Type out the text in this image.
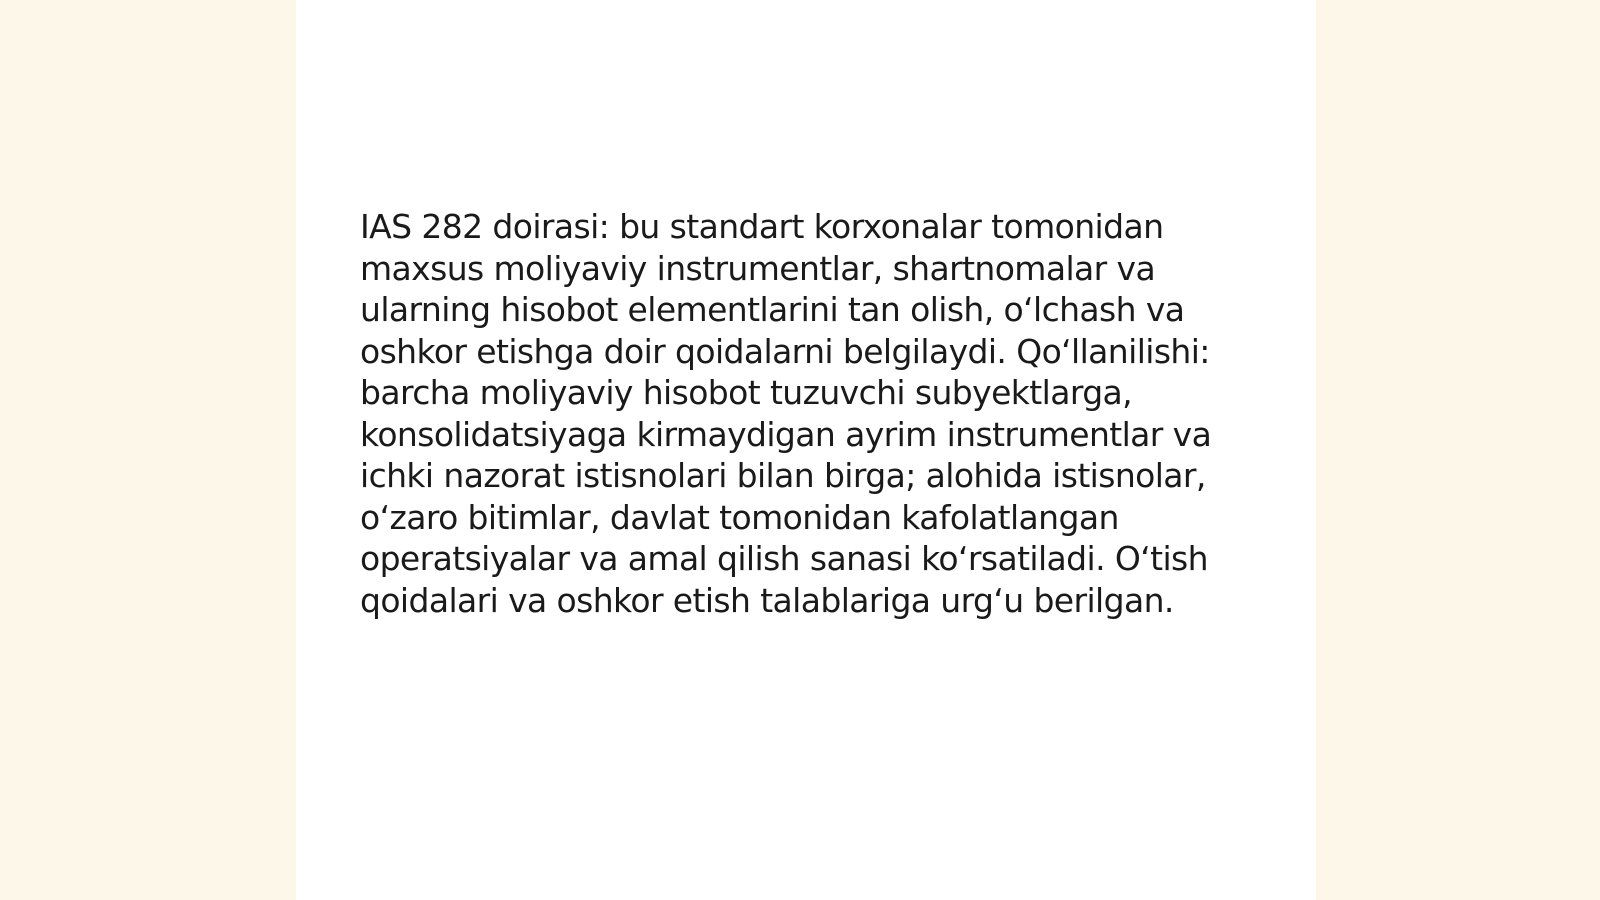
IAS 282 doirasi: bu standart korxonalar tomonidan
maxsus moliyaviy instrumentlar, shartnomalar va
ularning hisobot elementlarini tan olish, oʻlchash va
oshkor etishga doir qoidalarni belgilaydi. Qoʻllanilishi:
barcha moliyaviy hisobot tuzuvchi subyektlarga,
konsolidatsiyaga kirmaydigan ayrim instrumentlar va
ichki nazorat istisnolari bilan birga; alohida istisnolar,
oʻzaro bitimlar, davlat tomonidan kafolatlangan
operatsiyalar va amal qilish sanasi koʻrsatiladi. Oʻtish
qoidalari va oshkor etish talablariga urgʻu berilgan.
